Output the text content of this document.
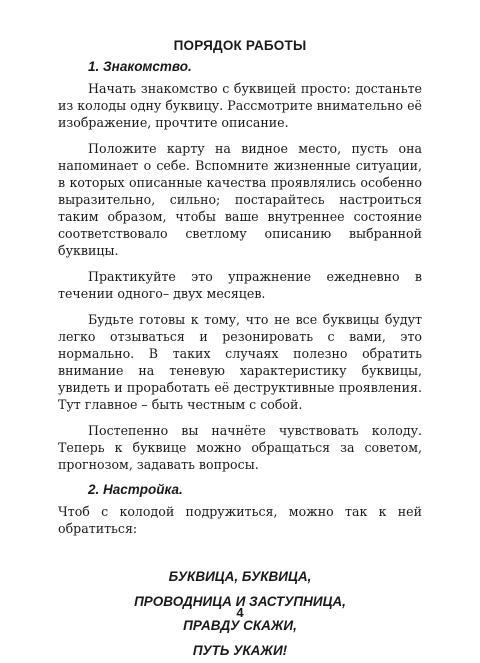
ПОРЯДОК РАБОТЫ
1. Знакомство.

Начать знакомство с буквицей просто: достаньте из колоды одну буквицу. Рассмотрите внимательно её изображение, прочтите описание.

Положите карту на видное место, пусть она напоминает о себе. Вспомните жизненные ситуации, в которых описанные качества проявлялись особенно выразительно, сильно; постарайтесь настроиться таким образом, чтобы ваше внутреннее состояние соответствовало светлому описанию выбранной буквицы.

Практикуйте это упражнение ежедневно в течении одного– двух месяцев.

Будьте готовы к тому, что не все буквицы будут легко отзываться и резонировать с вами, это нормально. В таких случаях полезно обратить внимание на теневую характеристику буквицы, увидеть и проработать её деструктивные проявления. Тут главное – быть честным с собой.

Постепенно вы начнёте чувствовать колоду. Теперь к буквице можно обращаться за советом, прогнозом, задавать вопросы.

2. Настройка.

Чтоб с колодой подружиться, можно так к ней обратиться:

БУКВИЦА, БУКВИЦА,
ПРОВОДНИЦА И ЗАСТУПНИЦА,
ПРАВДУ СКАЖИ,
ПУТЬ УКАЖИ!
4
